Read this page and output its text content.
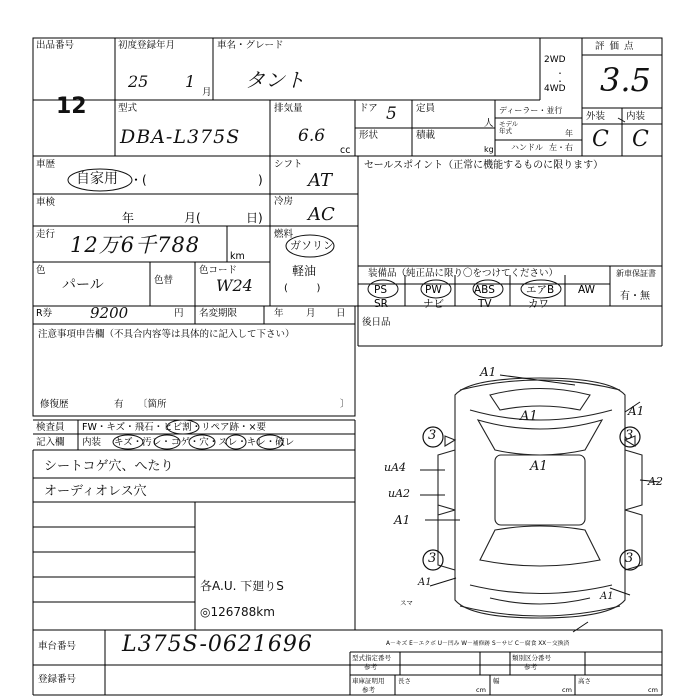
出品番号
12
初度登録年月
25 1
月
車名・グレード
タント
2WD
・
・
4WD
型式
DBA-L375S
排気量
6.6
cc
ドア 5 定員
人
形状	積載
kg
ディーラー・並行
モデル
年式	年
ハンドル 左・右
評価点
3.5
外装 内装
C C
車歴
自家用 ・(	)
車検
年	月(	日)
走行 12万6千788	km
色
パール	色替
色コード
W24
シフト
AT
冷房
AC
燃料
ガソリン
軽油
(         )
セールスポイント（正常に機能するものに限ります）
装備品（純正品に限り〇をつけてください）	新車保証書
有・無
PS	PW	ABS	エアB AW
SR	ナビ	TV	カワ
後日品
R券	9200	円 名変期限	年 月 日
注意事項申告欄（不具合内容等は具体的に記入して下さい）
修復歴	有 〔箇所	〕
検査員
記入欄
FW・キズ・飛石・ヒビ割・リペア跡・×要
内装 キズ・汚レ・コゲ・穴・スレ・キレ・破レ
シートコゲ穴、へたり
オーディオレス穴
各A.U. 下廻りS
◎126788km
A1
A1
A1
A1
A2
uA4
uA2
A1
A1
A1
3	3
3	3
スマ
A－キズ E－エクボ U－凹み W－補修跡 S－サビ C－腐食 XX－交換済
車台番号 L375S-0621696
登録番号
型式指定番号
参考
類別区分番号
参考
車庫証明用
参考
長さ
cm
幅
cm
高さ
cm
